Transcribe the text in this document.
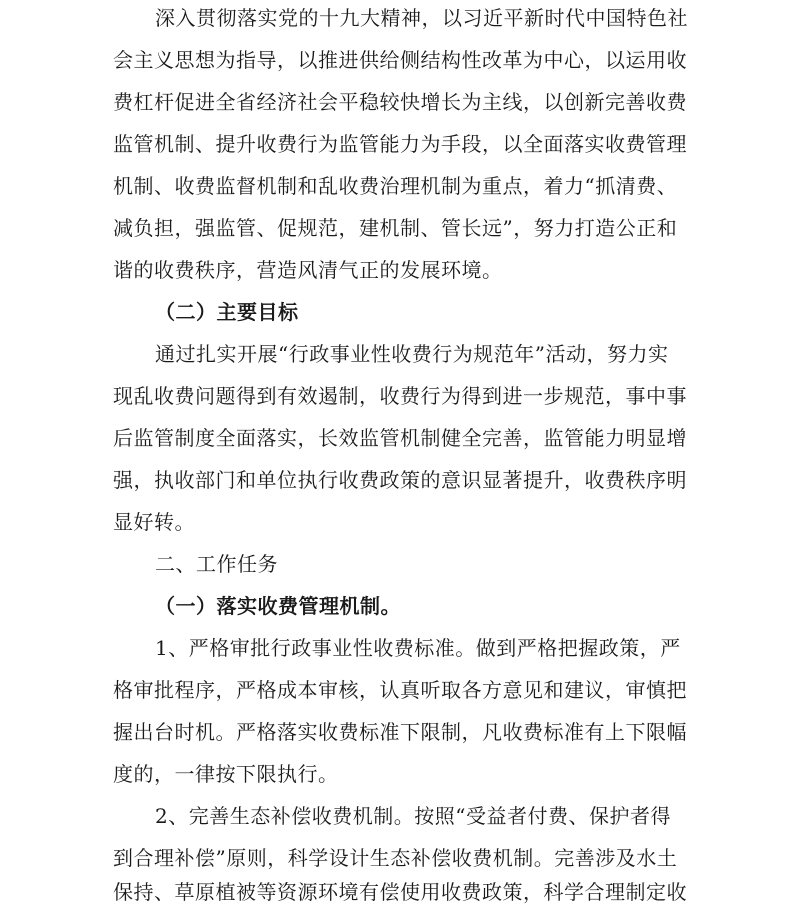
深入贯彻落实党的十九大精神，以习近平新时代中国特色社
会主义思想为指导，以推进供给侧结构性改革为中心，以运用收
费杠杆促进全省经济社会平稳较快增长为主线，以创新完善收费
监管机制、提升收费行为监管能力为手段，以全面落实收费管理
机制、收费监督机制和乱收费治理机制为重点，着力“抓清费、
减负担，强监管、促规范，建机制、管长远”，努力打造公正和
谐的收费秩序，营造风清气正的发展环境。
（二）主要目标
通过扎实开展“行政事业性收费行为规范年”活动，努力实
现乱收费问题得到有效遏制，收费行为得到进一步规范，事中事
后监管制度全面落实，长效监管机制健全完善，监管能力明显增
强，执收部门和单位执行收费政策的意识显著提升，收费秩序明
显好转。
二、工作任务
（一）落实收费管理机制。
1、严格审批行政事业性收费标准。做到严格把握政策，严
格审批程序，严格成本审核，认真听取各方意见和建议，审慎把
握出台时机。严格落实收费标准下限制，凡收费标准有上下限幅
度的，一律按下限执行。
2、完善生态补偿收费机制。按照“受益者付费、保护者得
到合理补偿”原则，科学设计生态补偿收费机制。完善涉及水土
保持、草原植被等资源环境有偿使用收费政策，科学合理制定收
